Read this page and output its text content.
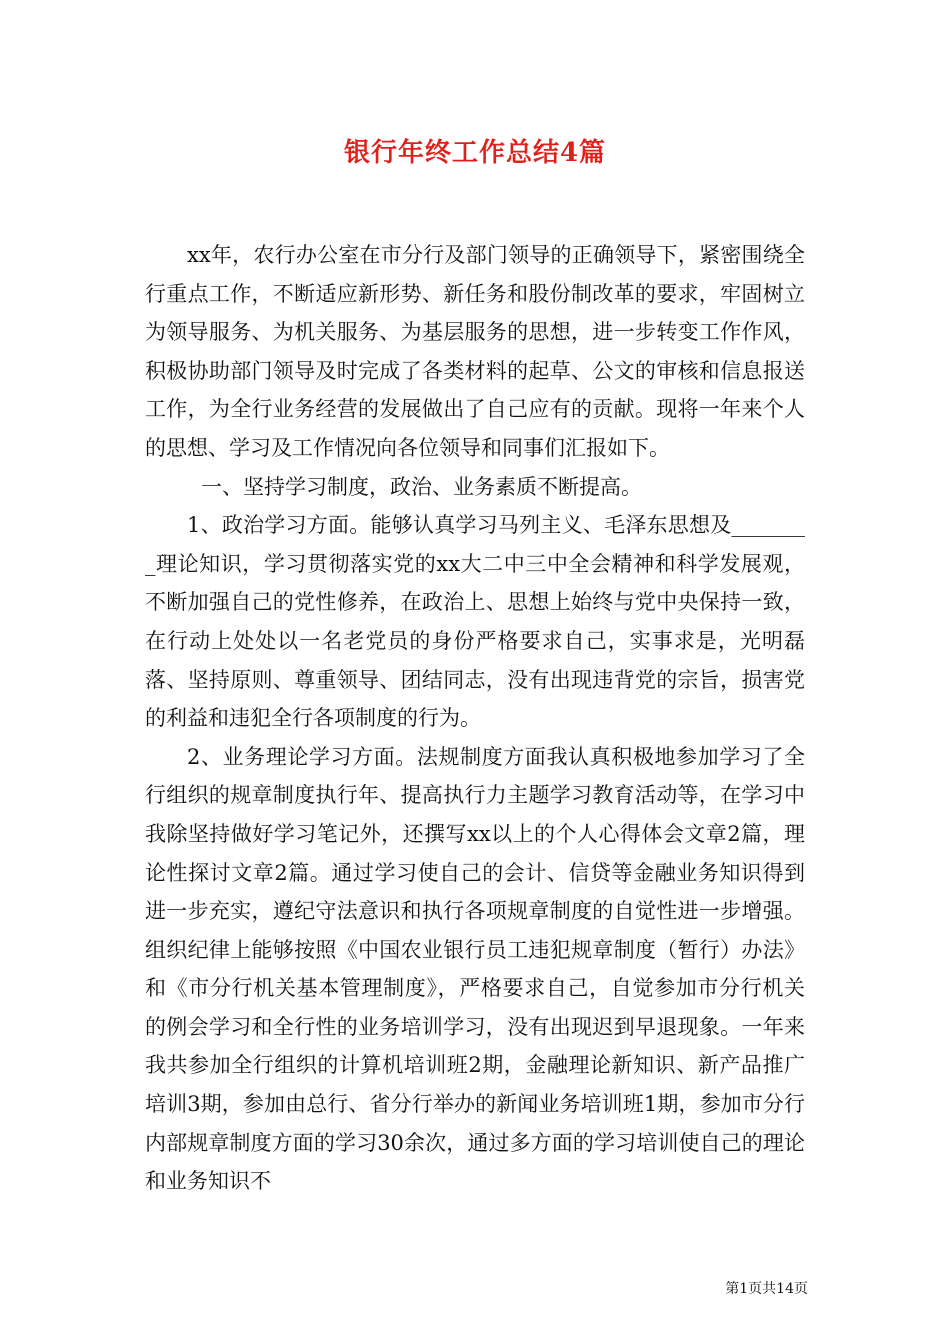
银行年终工作总结4篇

xx年，农行办公室在市分行及部门领导的正确领导下，紧密围绕全行重点工作，不断适应新形势、新任务和股份制改革的要求，牢固树立为领导服务、为机关服务、为基层服务的思想，进一步转变工作作风，积极协助部门领导及时完成了各类材料的起草、公文的审核和信息报送工作，为全行业务经营的发展做出了自己应有的贡献。现将一年来个人的思想、学习及工作情况向各位领导和同事们汇报如下。

一、坚持学习制度，政治、业务素质不断提高。

1、政治学习方面。能够认真学习马列主义、毛泽东思想及________理论知识，学习贯彻落实党的xx大二中三中全会精神和科学发展观，不断加强自己的党性修养，在政治上、思想上始终与党中央保持一致，在行动上处处以一名老党员的身份严格要求自己，实事求是，光明磊落、坚持原则、尊重领导、团结同志，没有出现违背党的宗旨，损害党的利益和违犯全行各项制度的行为。

2、业务理论学习方面。法规制度方面我认真积极地参加学习了全行组织的规章制度执行年、提高执行力主题学习教育活动等，在学习中我除坚持做好学习笔记外，还撰写xx以上的个人心得体会文章2篇，理论性探讨文章2篇。通过学习使自己的会计、信贷等金融业务知识得到进一步充实，遵纪守法意识和执行各项规章制度的自觉性进一步增强。组织纪律上能够按照《中国农业银行员工违犯规章制度（暂行）办法》和《市分行机关基本管理制度》，严格要求自己，自觉参加市分行机关的例会学习和全行性的业务培训学习，没有出现迟到早退现象。一年来我共参加全行组织的计算机培训班2期，金融理论新知识、新产品推广培训3期，参加由总行、省分行举办的新闻业务培训班1期，参加市分行内部规章制度方面的学习30余次，通过多方面的学习培训使自己的理论和业务知识不

第1页共14页
